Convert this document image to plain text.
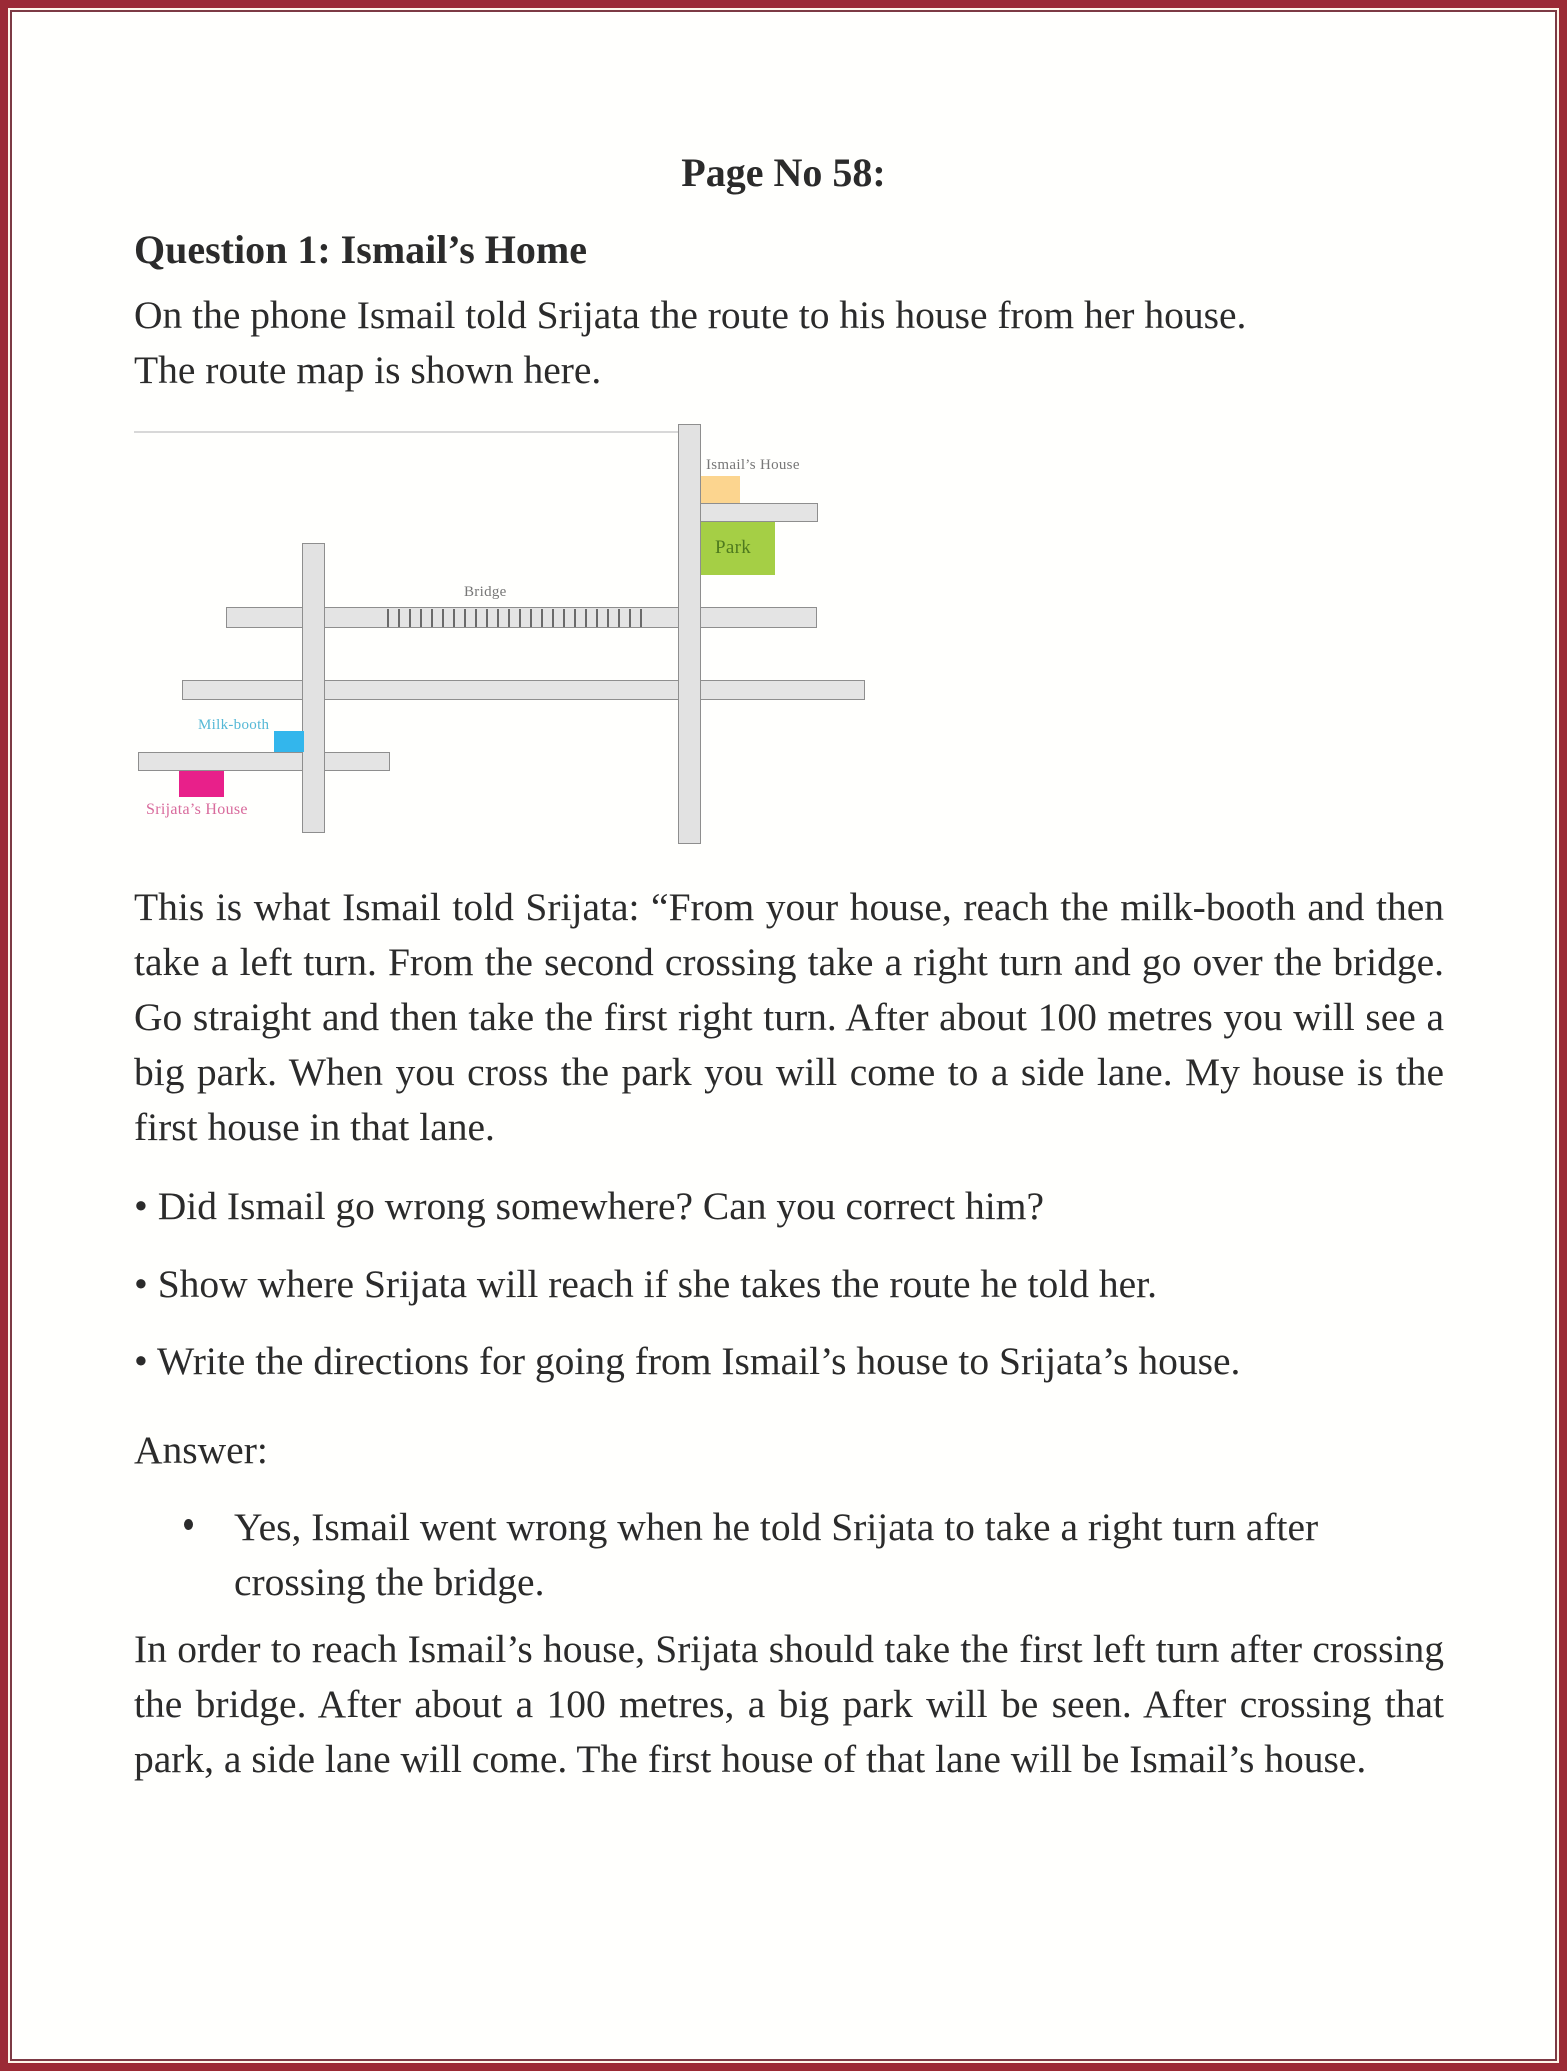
Page No 58:
Question 1: Ismail’s Home
On the phone Ismail told Srijata the route to his house from her house.
The route map is shown here.
Bridge
Ismail’s House
Park
Milk-booth
Srijata’s House
This is what Ismail told Srijata: “From your house, reach the milk-booth and then take a left turn. From the second crossing take a right turn and go over the bridge. Go straight and then take the first right turn. After about 100 metres you will see a big park. When you cross the park you will come to a side lane. My house is the first house in that lane.
• Did Ismail go wrong somewhere? Can you correct him?
• Show where Srijata will reach if she takes the route he told her.
• Write the directions for going from Ismail’s house to Srijata’s house.
Answer:
Yes, Ismail went wrong when he told Srijata to take a right turn after crossing the bridge.
In order to reach Ismail’s house, Srijata should take the first left turn after crossing the bridge. After about a 100 metres, a big park will be seen. After crossing that park, a side lane will come. The first house of that lane will be Ismail’s house.
